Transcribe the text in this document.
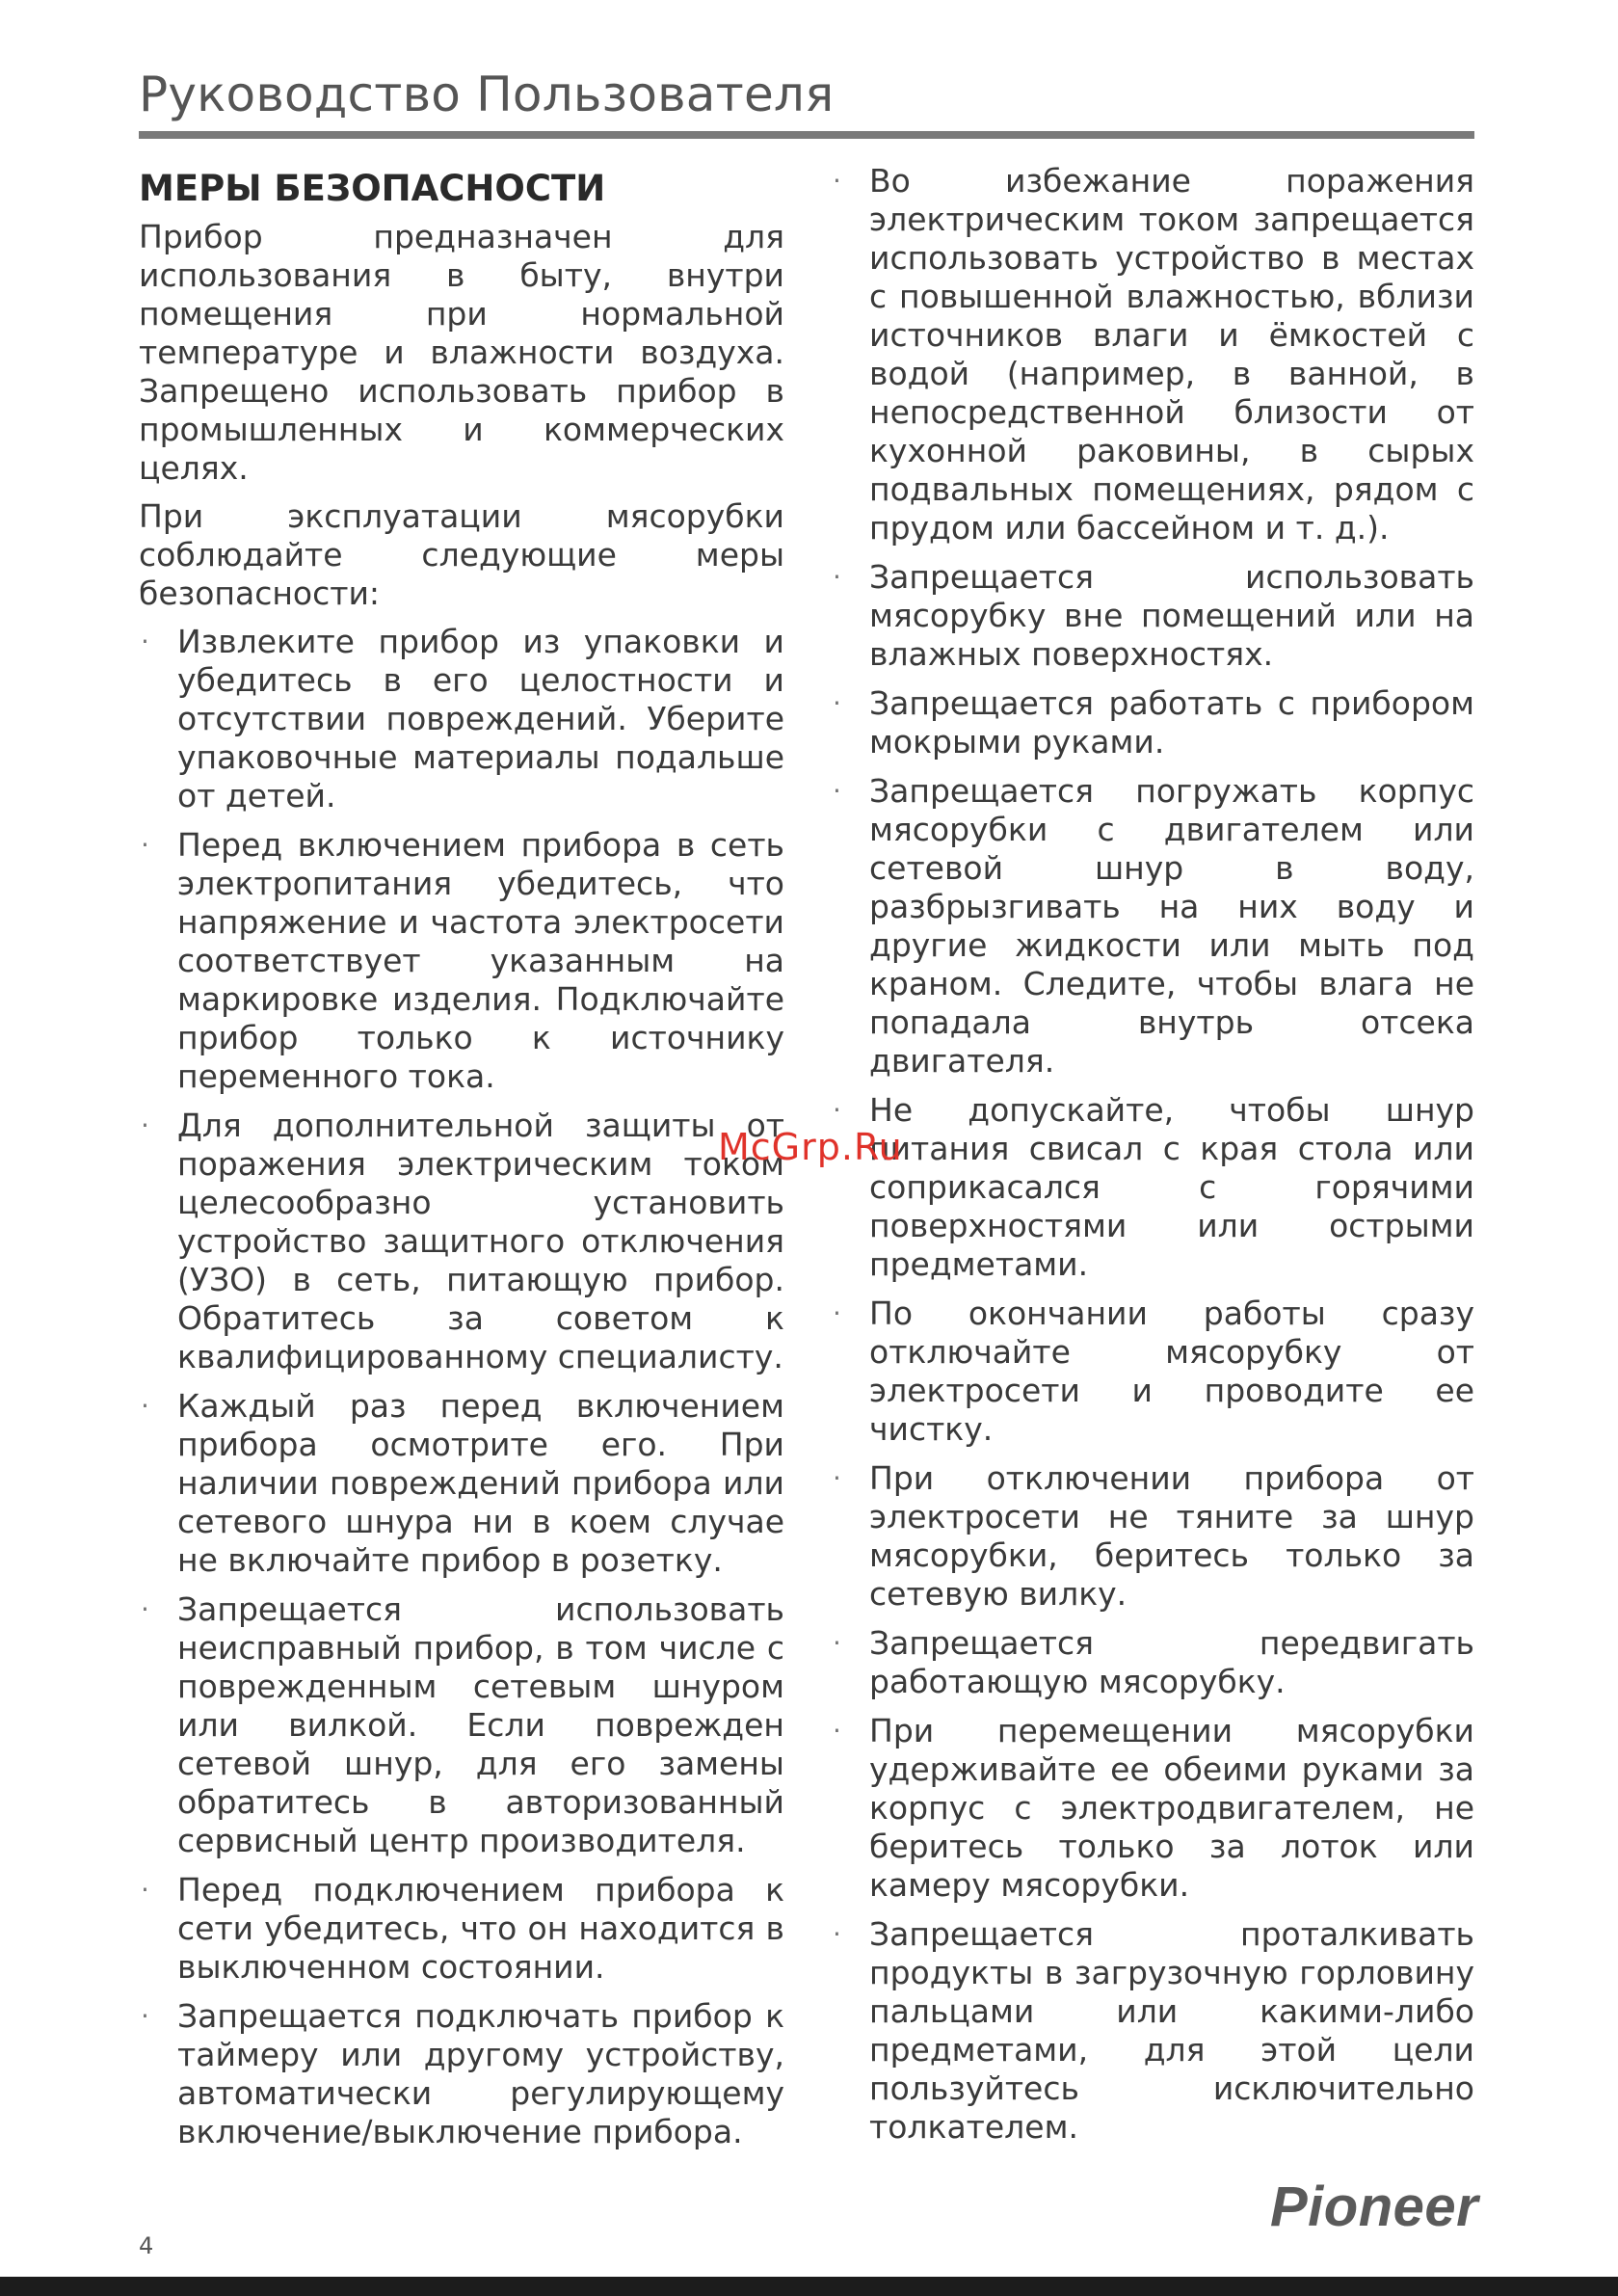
Руководство Пользователя
МЕРЫ БЕЗОПАСНОСТИ

Прибор предназначен для использования в быту, внутри помещения при нормальной температуре и влажности воздуха. Запрещено использовать прибор в промышленных и коммерческих целях.

При эксплуатации мясорубки соблюдайте следующие меры безопасности:

· Извлеките прибор из упаковки и убедитесь в его целостности и отсутствии повреждений. Уберите упаковочные материалы подальше от детей.
· Перед включением прибора в сеть электропитания убедитесь, что напряжение и частота электросети соответствует указанным на маркировке изделия. Подключайте прибор только к источнику переменного тока.
· Для дополнительной защиты от поражения электрическим током целесообразно установить устройство защитного отключения (УЗО) в сеть, питающую прибор. Обратитесь за советом к квалифицированному специалисту.
· Каждый раз перед включением прибора осмотрите его. При наличии повреждений прибора или сетевого шнура ни в коем случае не включайте прибор в розетку.
· Запрещается использовать неисправный прибор, в том числе с поврежденным сетевым шнуром или вилкой. Если поврежден сетевой шнур, для его замены обратитесь в авторизованный сервисный центр производителя.
· Перед подключением прибора к сети убедитесь, что он находится в выключенном состоянии.
· Запрещается подключать прибор к таймеру или другому устройству, автоматически регулирующему включение/выключение прибора.
· Во избежание поражения электрическим током запрещается использовать устройство в местах с повышенной влажностью, вблизи источников влаги и ёмкостей с водой (например, в ванной, в непосредственной близости от кухонной раковины, в сырых подвальных помещениях, рядом с прудом или бассейном и т. д.).
· Запрещается использовать мясорубку вне помещений или на влажных поверхностях.
· Запрещается работать с прибором мокрыми руками.
· Запрещается погружать корпус мясорубки с двигателем или сетевой шнур в воду, разбрызгивать на них воду и другие жидкости или мыть под краном. Следите, чтобы влага не попадала внутрь отсека двигателя.
· Не допускайте, чтобы шнур питания свисал с края стола или соприкасался с горячими поверхностями или острыми предметами.
· По окончании работы сразу отключайте мясорубку от электросети и проводите ее чистку.
· При отключении прибора от электросети не тяните за шнур мясорубки, беритесь только за сетевую вилку.
· Запрещается передвигать работающую мясорубку.
· При перемещении мясорубки удерживайте ее обеими руками за корпус с электродвигателем, не беритесь только за лоток или камеру мясорубки.
· Запрещается проталкивать продукты в загрузочную горловину пальцами или какими-либо предметами, для этой цели пользуйтесь исключительно толкателем.
McGrp.Ru
Pioneer
4
